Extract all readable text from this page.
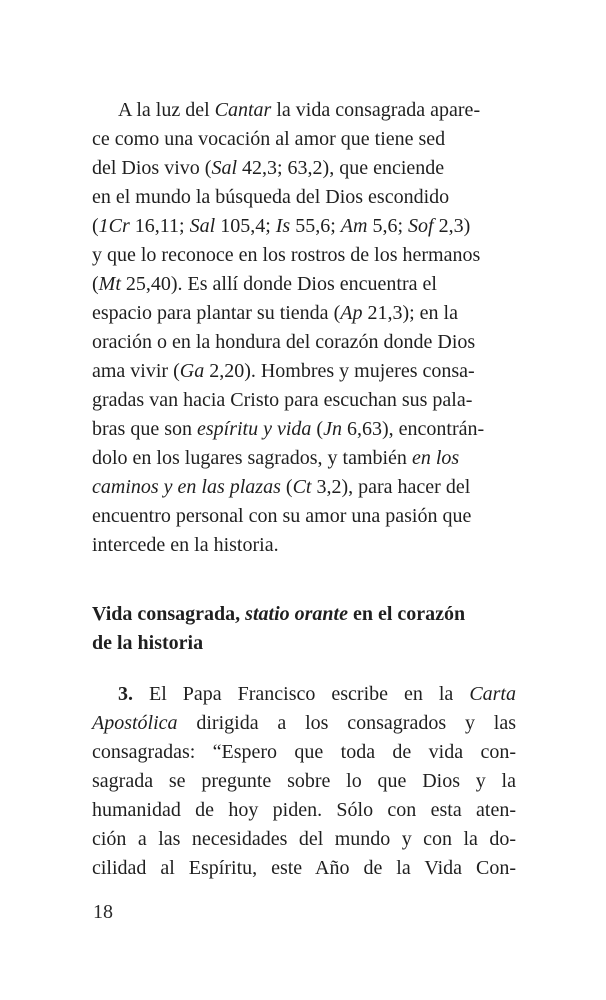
A la luz del Cantar la vida consagrada apare-
ce como una vocación al amor que tiene sed
del Dios vivo (Sal 42,3; 63,2), que enciende
en el mundo la búsqueda del Dios escondido
(1Cr 16,11; Sal 105,4; Is 55,6; Am 5,6; Sof 2,3)
y que lo reconoce en los rostros de los hermanos
(Mt 25,40). Es allí donde Dios encuentra el
espacio para plantar su tienda (Ap 21,3); en la
oración o en la hondura del corazón donde Dios
ama vivir (Ga 2,20). Hombres y mujeres consa-
gradas van hacia Cristo para escuchan sus pala-
bras que son espíritu y vida (Jn 6,63), encontrán-
dolo en los lugares sagrados, y también en los
caminos y en las plazas (Ct 3,2), para hacer del
encuentro personal con su amor una pasión que
intercede en la historia.

Vida consagrada, statio orante en el corazón
de la historia

3. El Papa Francisco escribe en la Carta
Apostólica dirigida a los consagrados y las
consagradas: “Espero que toda de vida con-
sagrada se pregunte sobre lo que Dios y la
humanidad de hoy piden. Sólo con esta aten-
ción a las necesidades del mundo y con la do-
cilidad al Espíritu, este Año de la Vida Con-

18
